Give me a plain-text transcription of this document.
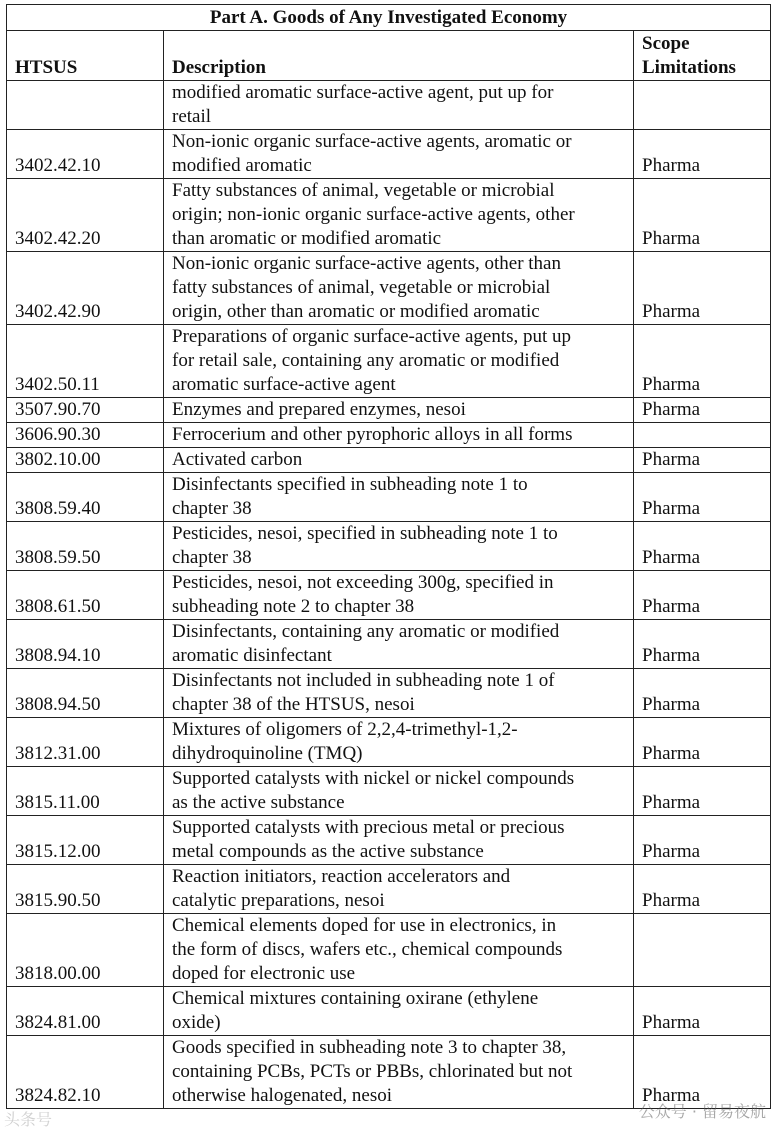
Part A. Goods of Any Investigated Economy		
HTSUS	Description	Scope
Limitations
	modified aromatic surface-active agent, put up for
retail	
3402.42.10	Non-ionic organic surface-active agents, aromatic or
modified aromatic	Pharma
3402.42.20	Fatty substances of animal, vegetable or microbial
origin; non-ionic organic surface-active agents, other
than aromatic or modified aromatic	Pharma
3402.42.90	Non-ionic organic surface-active agents, other than
fatty substances of animal, vegetable or microbial
origin, other than aromatic or modified aromatic	Pharma
3402.50.11	Preparations of organic surface-active agents, put up
for retail sale, containing any aromatic or modified
aromatic surface-active agent	Pharma
3507.90.70	Enzymes and prepared enzymes, nesoi	Pharma
3606.90.30	Ferrocerium and other pyrophoric alloys in all forms	
3802.10.00	Activated carbon	Pharma
3808.59.40	Disinfectants specified in subheading note 1 to
chapter 38	Pharma
3808.59.50	Pesticides, nesoi, specified in subheading note 1 to
chapter 38	Pharma
3808.61.50	Pesticides, nesoi, not exceeding 300g, specified in
subheading note 2 to chapter 38	Pharma
3808.94.10	Disinfectants, containing any aromatic or modified
aromatic disinfectant	Pharma
3808.94.50	Disinfectants not included in subheading note 1 of
chapter 38 of the HTSUS, nesoi	Pharma
3812.31.00	Mixtures of oligomers of 2,2,4-trimethyl-1,2-
dihydroquinoline (TMQ)	Pharma
3815.11.00	Supported catalysts with nickel or nickel compounds
as the active substance	Pharma
3815.12.00	Supported catalysts with precious metal or precious
metal compounds as the active substance	Pharma
3815.90.50	Reaction initiators, reaction accelerators and
catalytic preparations, nesoi	Pharma
3818.00.00	Chemical elements doped for use in electronics, in
the form of discs, wafers etc., chemical compounds
doped for electronic use	
3824.81.00	Chemical mixtures containing oxirane (ethylene
oxide)	Pharma
3824.82.10	Goods specified in subheading note 3 to chapter 38,
containing PCBs, PCTs or PBBs, chlorinated but not
otherwise halogenated, nesoi	Pharma
公众号 · 留易夜航
头条号
